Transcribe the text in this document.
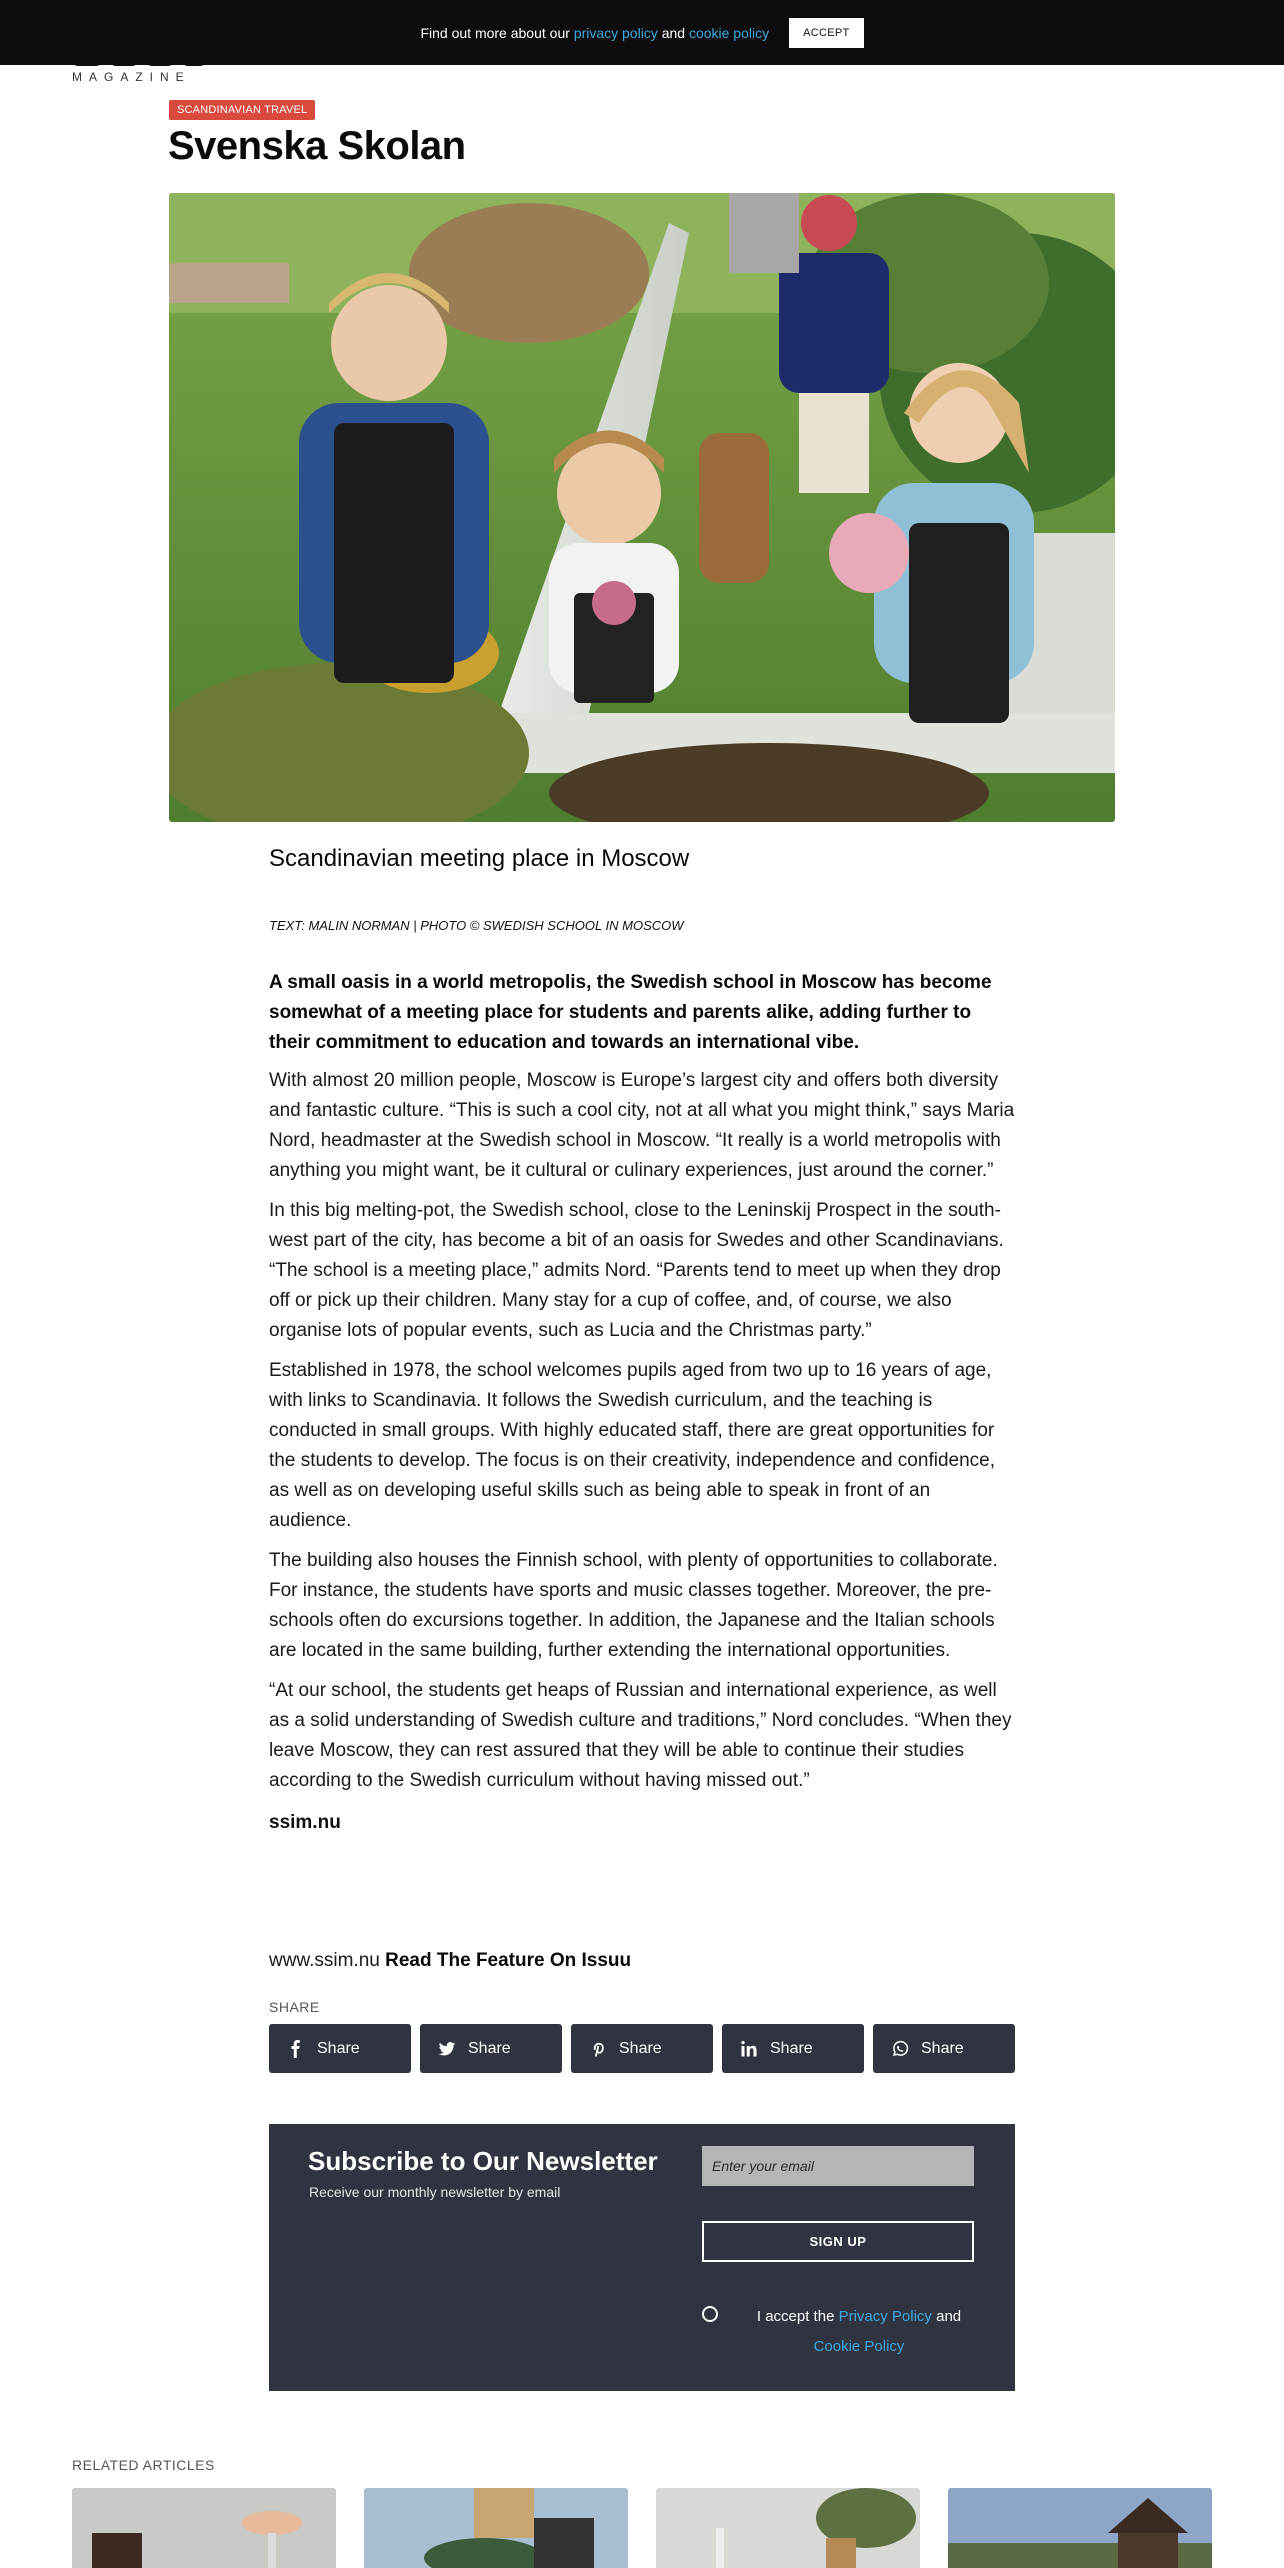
Find out more about our privacy policy and cookie policy	ACCEPT
MAGAZINE
SCANDINAVIAN TRAVEL
Svenska Skolan
Scandinavian meeting place in Moscow
TEXT: MALIN NORMAN | PHOTO © SWEDISH SCHOOL IN MOSCOW

A small oasis in a world metropolis, the Swedish school in Moscow has become somewhat of a meeting place for students and parents alike, adding further to their commitment to education and towards an international vibe.

With almost 20 million people, Moscow is Europe’s largest city and offers both diversity and fantastic culture. “This is such a cool city, not at all what you might think,” says Maria Nord, headmaster at the Swedish school in Moscow. “It really is a world metropolis with anything you might want, be it cultural or culinary experiences, just around the corner.”

In this big melting-pot, the Swedish school, close to the Leninskij Prospect in the south-west part of the city, has become a bit of an oasis for Swedes and other Scandinavians. “The school is a meeting place,” admits Nord. “Parents tend to meet up when they drop off or pick up their children. Many stay for a cup of coffee, and, of course, we also organise lots of popular events, such as Lucia and the Christmas party.”

Established in 1978, the school welcomes pupils aged from two up to 16 years of age, with links to Scandinavia. It follows the Swedish curriculum, and the teaching is conducted in small groups. With highly educated staff, there are great opportunities for the students to develop. The focus is on their creativity, independence and confidence, as well as on developing useful skills such as being able to speak in front of an audience.

The building also houses the Finnish school, with plenty of opportunities to collaborate. For instance, the students have sports and music classes together. Moreover, the pre-schools often do excursions together. In addition, the Japanese and the Italian schools are located in the same building, further extending the international opportunities.

“At our school, the students get heaps of Russian and international experience, as well as a solid understanding of Swedish culture and traditions,” Nord concludes. “When they leave Moscow, they can rest assured that they will be able to continue their studies according to the Swedish curriculum without having missed out.”

ssim.nu

www.ssim.nu Read The Feature On Issuu
SHARE
Share	Share	Share	Share	Share
Subscribe to Our Newsletter
Receive our monthly newsletter by email
Enter your email
SIGN UP
I accept the Privacy Policy and
Cookie Policy
RELATED ARTICLES
